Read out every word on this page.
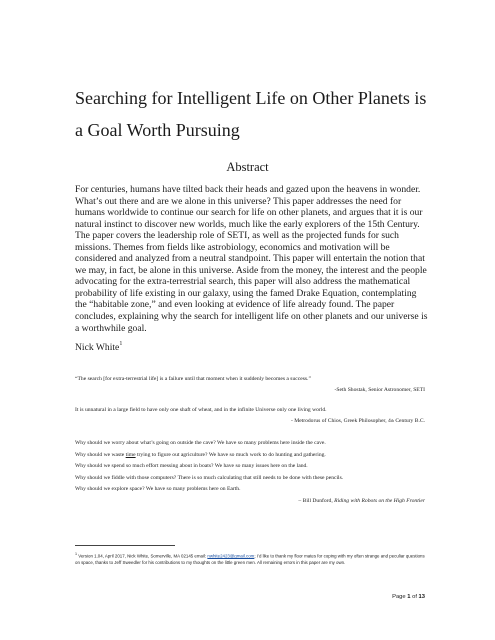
Searching for Intelligent Life on Other Planets is a Goal Worth Pursuing
Abstract

For centuries, humans have tilted back their heads and gazed upon the heavens in wonder. What’s out there and are we alone in this universe? This paper addresses the need for humans worldwide to continue our search for life on other planets, and argues that it is our natural instinct to discover new worlds, much like the early explorers of the 15th Century. The paper covers the leadership role of SETI, as well as the projected funds for such missions. Themes from fields like astrobiology, economics and motivation will be considered and analyzed from a neutral standpoint. This paper will entertain the notion that we may, in fact, be alone in this universe. Aside from the money, the interest and the people advocating for the extra-terrestrial search, this paper will also address the mathematical probability of life existing in our galaxy, using the famed Drake Equation, contemplating the “habitable zone,” and even looking at evidence of life already found. The paper concludes, explaining why the search for intelligent life on other planets and our universe is a worthwhile goal.

Nick White$^1$
“The search [for extra-terrestrial life] is a failure until that moment when it suddenly becomes a success.”
-Seth Shostak, Senior Astronomer, SETI
It is unnatural in a large field to have only one shaft of wheat, and in the infinite Universe only one living world.
- Metrodorus of Chios, Greek Philosopher, 4th Century B.C.
Why should we worry about what’s going on outside the cave? We have so many problems here inside the cave.
Why should we waste time trying to figure out agriculture? We have so much work to do hunting and gathering.
Why should we spend so much effort messing about in boats? We have so many issues here on the land.
Why should we fiddle with those computers? There is so much calculating that still needs to be done with these pencils.
Why should we explore space? We have so many problems here on Earth.
– Bill Dunford, Riding with Robots on the High Frontier
$^1$ Version 1.04, April 2017, Nick White, Somerville, MA 02145 email: nwhite2423@gmail.com; I’d like to thank my floor mates for coping with my often strange and peculiar questions on space, thanks to Jeff Sweedler for his contributions to my thoughts on the little green men. All remaining errors in this paper are my own.
Page 1 of 13
